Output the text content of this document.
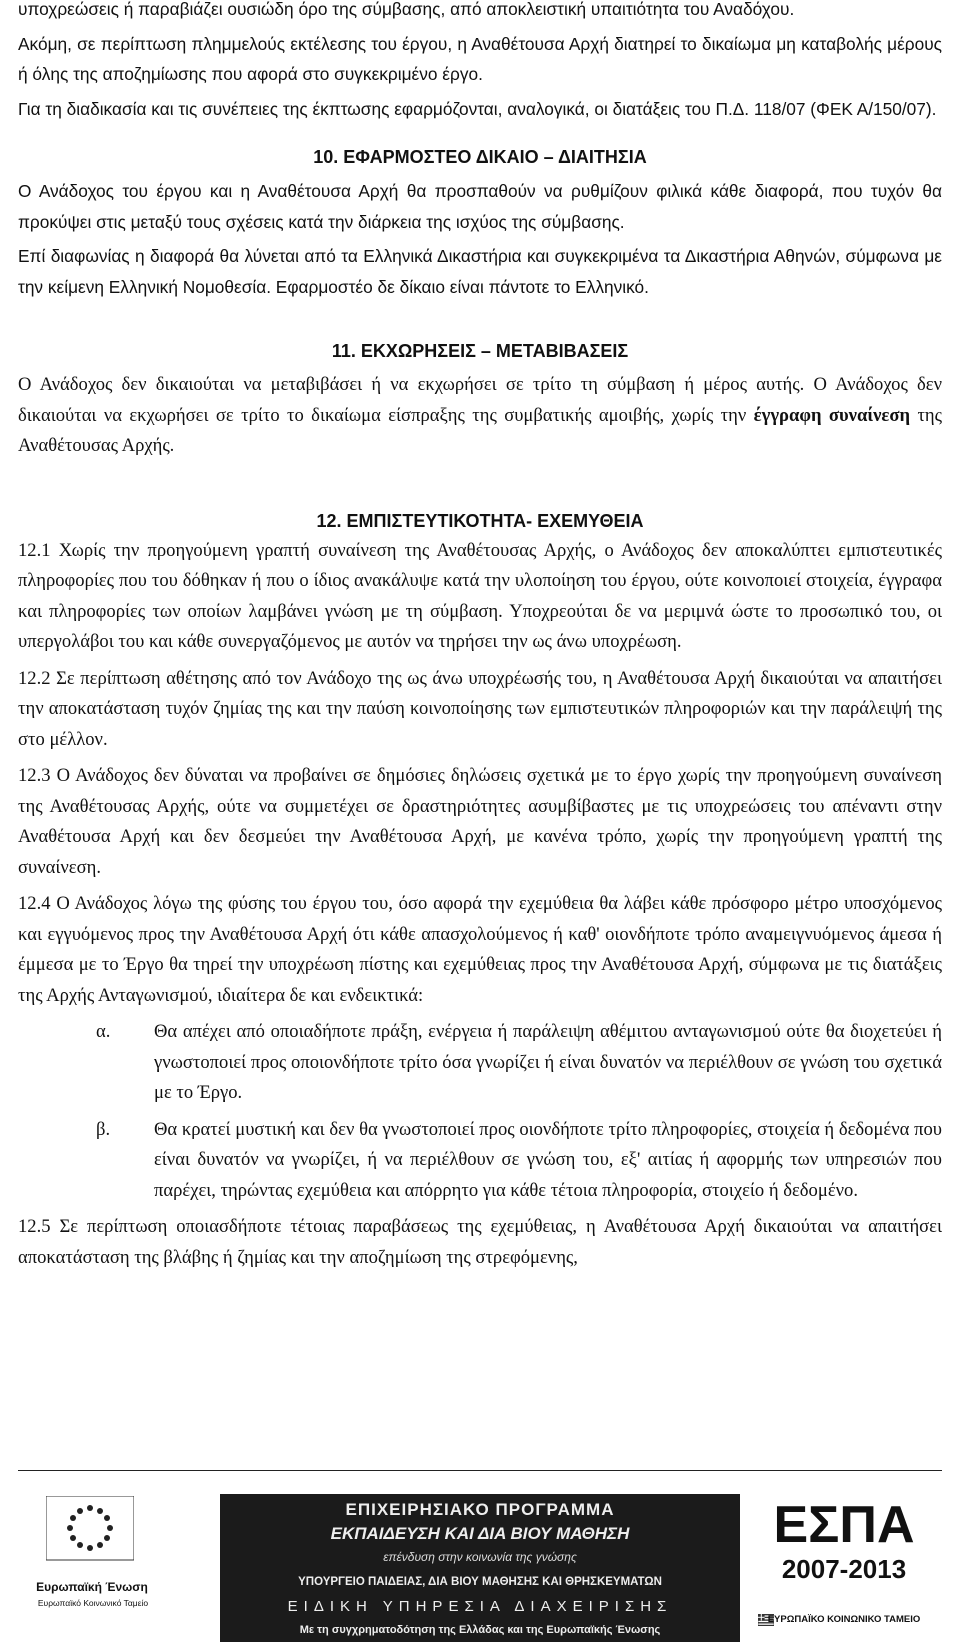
υποχρεώσεις ή παραβιάζει ουσιώδη όρο της σύμβασης, από αποκλειστική υπαιτιότητα του Αναδόχου.

Ακόμη, σε περίπτωση πλημμελούς εκτέλεσης του έργου, η Αναθέτουσα Αρχή διατηρεί το δικαίωμα μη καταβολής μέρους ή όλης της αποζημίωσης που αφορά στο συγκεκριμένο έργο.

Για τη διαδικασία και τις συνέπειες της έκπτωσης εφαρμόζονται, αναλογικά, οι διατάξεις του Π.Δ. 118/07 (ΦΕΚ Α/150/07).

10. ΕΦΑΡΜΟΣΤΕΟ ΔΙΚΑΙΟ – ΔΙΑΙΤΗΣΙΑ

Ο Ανάδοχος του έργου και η Αναθέτουσα Αρχή θα προσπαθούν να ρυθμίζουν φιλικά κάθε διαφορά, που τυχόν θα προκύψει στις μεταξύ τους σχέσεις κατά την διάρκεια της ισχύος της σύμβασης.

Επί διαφωνίας η διαφορά θα λύνεται από τα Ελληνικά Δικαστήρια και συγκεκριμένα τα Δικαστήρια Αθηνών, σύμφωνα με την κείμενη Ελληνική Νομοθεσία. Εφαρμοστέο δε δίκαιο είναι πάντοτε το Ελληνικό.

11. ΕΚΧΩΡΗΣΕΙΣ – ΜΕΤΑΒΙΒΑΣΕΙΣ

Ο Ανάδοχος δεν δικαιούται να μεταβιβάσει ή να εκχωρήσει σε τρίτο τη σύμβαση ή μέρος αυτής. Ο Ανάδοχος δεν δικαιούται να εκχωρήσει σε τρίτο το δικαίωμα είσπραξης της συμβατικής αμοιβής, χωρίς την έγγραφη συναίνεση της Αναθέτουσας Αρχής.

12. ΕΜΠΙΣΤΕΥΤΙΚΟΤΗΤΑ- ΕΧΕΜΥΘΕΙΑ

12.1 Χωρίς την προηγούμενη γραπτή συναίνεση της Αναθέτουσας Αρχής, ο Ανάδοχος δεν αποκαλύπτει εμπιστευτικές πληροφορίες που του δόθηκαν ή που ο ίδιος ανακάλυψε κατά την υλοποίηση του έργου, ούτε κοινοποιεί στοιχεία, έγγραφα και πληροφορίες των οποίων λαμβάνει γνώση με τη σύμβαση. Υποχρεούται δε να μεριμνά ώστε το προσωπικό του, οι υπεργολάβοι του και κάθε συνεργαζόμενος με αυτόν να τηρήσει την ως άνω υποχρέωση.

12.2 Σε περίπτωση αθέτησης από τον Ανάδοχο της ως άνω υποχρέωσής του, η Αναθέτουσα Αρχή δικαιούται να απαιτήσει την αποκατάσταση τυχόν ζημίας της και την παύση κοινοποίησης των εμπιστευτικών πληροφοριών και την παράλειψή της στο μέλλον.

12.3 Ο Ανάδοχος δεν δύναται να προβαίνει σε δημόσιες δηλώσεις σχετικά με το έργο χωρίς την προηγούμενη συναίνεση της Αναθέτουσας Αρχής, ούτε να συμμετέχει σε δραστηριότητες ασυμβίβαστες με τις υποχρεώσεις του απέναντι στην Αναθέτουσα Αρχή και δεν δεσμεύει την Αναθέτουσα Αρχή, με κανένα τρόπο, χωρίς την προηγούμενη γραπτή της συναίνεση.

12.4 Ο Ανάδοχος λόγω της φύσης του έργου του, όσο αφορά την εχεμύθεια θα λάβει κάθε πρόσφορο μέτρο υποσχόμενος και εγγυόμενος προς την Αναθέτουσα Αρχή ότι κάθε απασχολούμενος ή καθ' οιονδήποτε τρόπο αναμειγνυόμενος άμεσα ή έμμεσα με το Έργο θα τηρεί την υποχρέωση πίστης και εχεμύθειας προς την Αναθέτουσα Αρχή, σύμφωνα με τις διατάξεις της Αρχής Ανταγωνισμού, ιδιαίτερα δε και ενδεικτικά:

α.	Θα απέχει από οποιαδήποτε πράξη, ενέργεια ή παράλειψη αθέμιτου ανταγωνισμού ούτε θα διοχετεύει ή γνωστοποιεί προς οποιονδήποτε τρίτο όσα γνωρίζει ή είναι δυνατόν να περιέλθουν σε γνώση του σχετικά με το Έργο.
β.	Θα κρατεί μυστική και δεν θα γνωστοποιεί προς οιονδήποτε τρίτο πληροφορίες, στοιχεία ή δεδομένα που είναι δυνατόν να γνωρίζει, ή να περιέλθουν σε γνώση του, εξ' αιτίας ή αφορμής των υπηρεσιών που παρέχει, τηρώντας εχεμύθεια και απόρρητο για κάθε τέτοια πληροφορία, στοιχείο ή δεδομένο.

12.5 Σε περίπτωση οποιασδήποτε τέτοιας παραβάσεως της εχεμύθειας, η Αναθέτουσα Αρχή δικαιούται να απαιτήσει αποκατάσταση της βλάβης ή ζημίας και την αποζημίωση της στρεφόμενης,

Ευρωπαϊκή Ένωση
Ευρωπαϊκό Κοινωνικό Ταμείο
ΕΠΙΧΕΙΡΗΣΙΑΚΟ ΠΡΟΓΡΑΜΜΑ
ΕΚΠΑΙΔΕΥΣΗ ΚΑΙ ΔΙΑ ΒΙΟΥ ΜΑΘΗΣΗ
επένδυση στην κοινωνία της γνώσης
ΥΠΟΥΡΓΕΙΟ ΠΑΙΔΕΙΑΣ, ΔΙΑ ΒΙΟΥ ΜΑΘΗΣΗΣ ΚΑΙ ΘΡΗΣΚΕΥΜΑΤΩΝ
ΕΙΔΙΚΗ ΥΠΗΡΕΣΙΑ ΔΙΑΧΕΙΡΙΣΗΣ
Με τη συγχρηματοδότηση της Ελλάδας και της Ευρωπαϊκής Ένωσης
ΕΣΠΑ
2007-2013
ΕΥΡΩΠΑΪΚΟ ΚΟΙΝΩΝΙΚΟ ΤΑΜΕΙΟ
